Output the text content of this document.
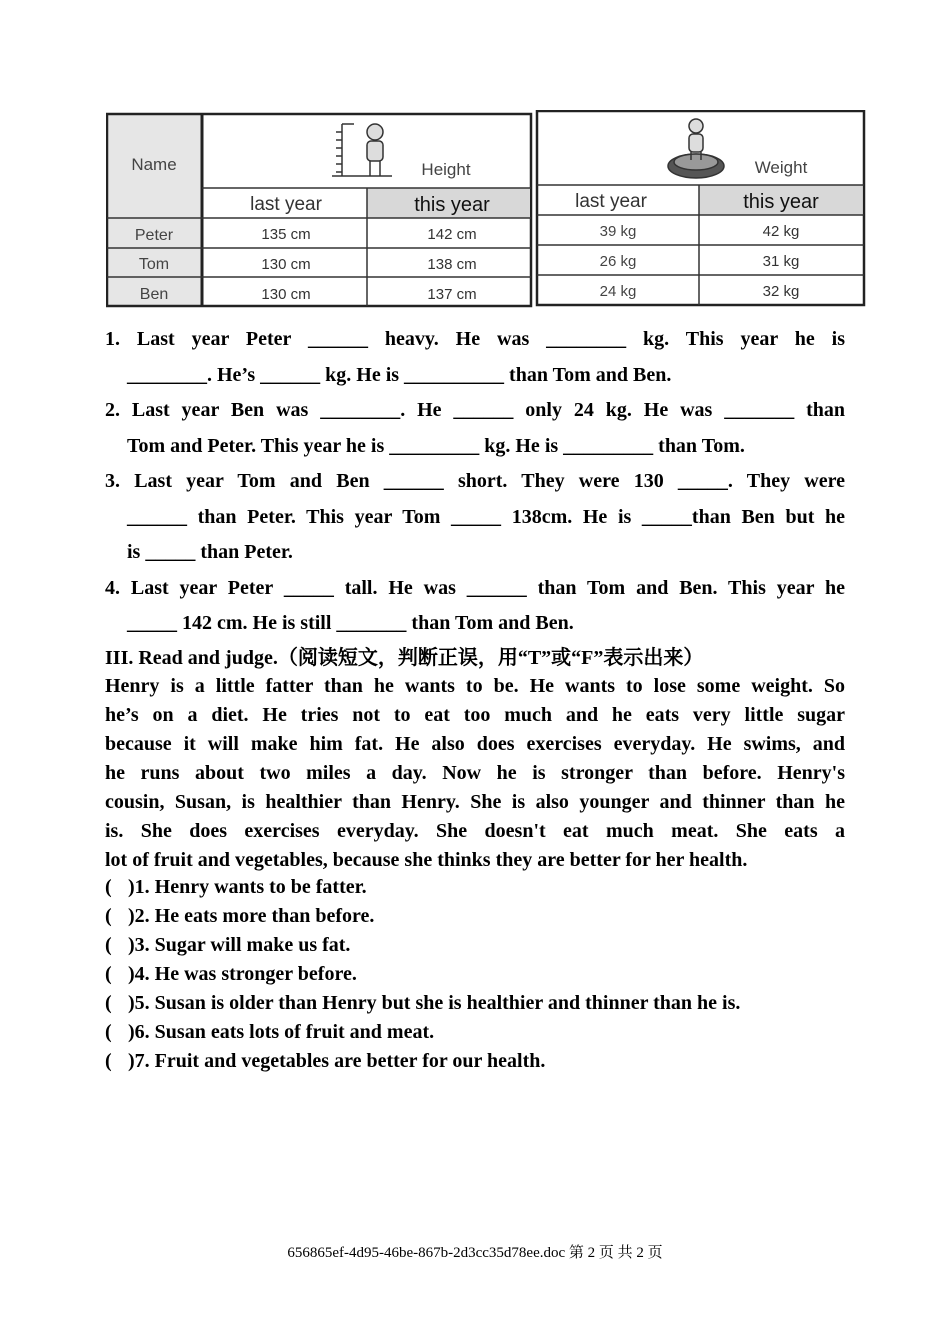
Name	Height	Weight
last year	this year	last year	this year
Peter	135 cm	142 cm	39 kg	42 kg
Tom	130 cm	138 cm	26 kg	31 kg
Ben	130 cm	137 cm	24 kg	32 kg
1. Last year Peter ______ heavy. He was ________ kg. This year he is
________. He’s ______ kg. He is __________ than Tom and Ben.
2. Last year Ben was ________. He ______ only 24 kg. He was _______ than
Tom and Peter. This year he is _________ kg. He is _________ than Tom.
3. Last year Tom and Ben ______ short. They were 130 _____. They were
______ than Peter. This year Tom _____ 138cm. He is _____than Ben but he
is _____ than Peter.
4. Last year Peter _____ tall. He was ______ than Tom and Ben. This year he
_____ 142 cm. He is still _______ than Tom and Ben.
III. Read and judge.（阅读短文，判断正误，用“T”或“F”表示出来）
Henry is a little fatter than he wants to be. He wants to lose some weight. So
he’s on a diet. He tries not to eat too much and he eats very little sugar
because it will make him fat. He also does exercises everyday. He swims, and
he runs about two miles a day. Now he is stronger than before. Henry's
cousin, Susan, is healthier than Henry. She is also younger and thinner than he
is. She does exercises everyday. She doesn't eat much meat. She eats a
lot of fruit and vegetables, because she thinks they are better for her health.
( )1. Henry wants to be fatter.
( )2. He eats more than before.
( )3. Sugar will make us fat.
( )4. He was stronger before.
( )5. Susan is older than Henry but she is healthier and thinner than he is.
( )6. Susan eats lots of fruit and meat.
( )7. Fruit and vegetables are better for our health.
656865ef-4d95-46be-867b-2d3cc35d78ee.doc 第 2 页 共 2 页
